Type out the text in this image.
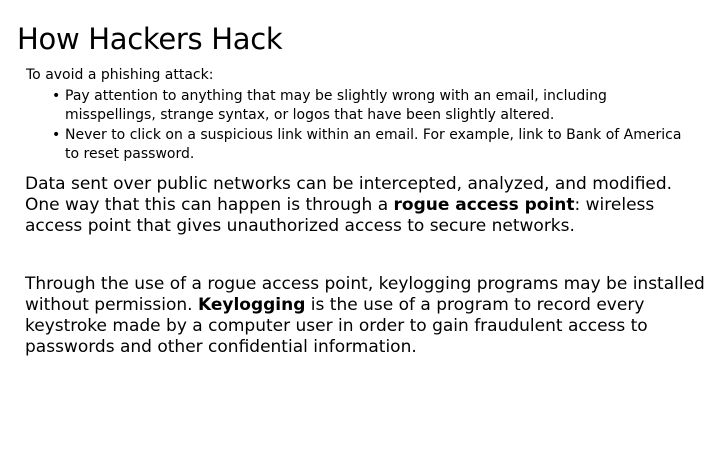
How Hackers Hack

To avoid a phishing attack:

• Pay attention to anything that may be slightly wrong with an email, including misspellings, strange syntax, or logos that have been slightly altered.
• Never to click on a suspicious link within an email. For example, link to Bank of America to reset password.

Data sent over public networks can be intercepted, analyzed, and modified. One way that this can happen is through a rogue access point: wireless access point that gives unauthorized access to secure networks.

Through the use of a rogue access point, keylogging programs may be installed without permission. Keylogging is the use of a program to record every keystroke made by a computer user in order to gain fraudulent access to passwords and other confidential information.
